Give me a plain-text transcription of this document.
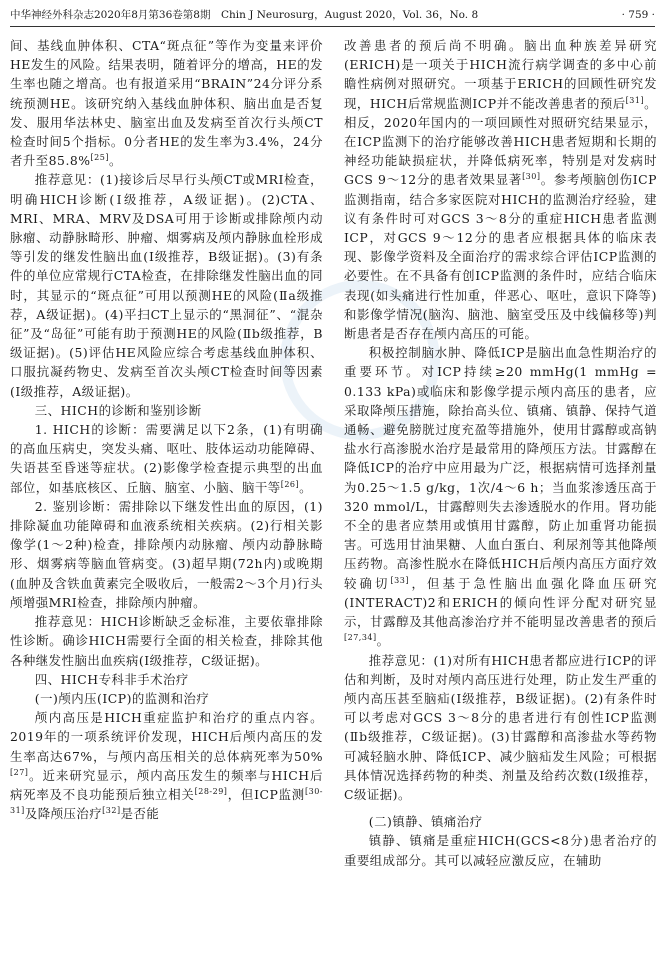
中华神经外科杂志2020年8月第36卷第8期　Chin J Neurosurg，August 2020，Vol. 36，No. 8	· 759 ·

间、基线血肿体积、CTA“斑点征”等作为变量来评价HE发生的风险。结果表明，随着评分的增高，HE的发生率也随之增高。也有报道采用“BRAIN”24分评分系统预测HE。该研究纳入基线血肿体积、脑出血是否复发、服用华法林史、脑室出血及发病至首次行头颅CT检查时间5个指标。0分者HE的发生率为3.4%，24分者升至85.8%[25]。

推荐意见：(1)接诊后尽早行头颅CT或MRI检查，明确HICH诊断(Ⅰ级推荐，A级证据)。(2)CTA、MRI、MRA、MRV及DSA可用于诊断或排除颅内动脉瘤、动静脉畸形、肿瘤、烟雾病及颅内静脉血栓形成等引发的继发性脑出血(Ⅰ级推荐，B级证据)。(3)有条件的单位应常规行CTA检查，在排除继发性脑出血的同时，其显示的“斑点征”可用以预测HE的风险(Ⅱa级推荐，A级证据)。(4)平扫CT上显示的“黑洞征”、“混杂征”及“岛征”可能有助于预测HE的风险(Ⅱb级推荐，B级证据)。(5)评估HE风险应综合考虑基线血肿体积、口服抗凝药物史、发病至首次头颅CT检查时间等因素(Ⅰ级推荐，A级证据)。

三、HICH的诊断和鉴别诊断

1. HICH的诊断：需要满足以下2条，(1)有明确的高血压病史，突发头痛、呕吐、肢体运动功能障碍、失语甚至昏迷等症状。(2)影像学检查提示典型的出血部位，如基底核区、丘脑、脑室、小脑、脑干等[26]。

2. 鉴别诊断：需排除以下继发性出血的原因，(1)排除凝血功能障碍和血液系统相关疾病。(2)行相关影像学(1～2种)检查，排除颅内动脉瘤、颅内动静脉畸形、烟雾病等脑血管病变。(3)超早期(72h内)或晚期(血肿及含铁血黄素完全吸收后，一般需2～3个月)行头颅增强MRI检查，排除颅内肿瘤。

推荐意见：HICH诊断缺乏金标准，主要依靠排除性诊断。确诊HICH需要行全面的相关检查，排除其他各种继发性脑出血疾病(Ⅰ级推荐，C级证据)。

四、HICH专科非手术治疗

(一)颅内压(ICP)的监测和治疗

颅内高压是HICH重症监护和治疗的重点内容。2019年的一项系统评价发现，HICH后颅内高压的发生率高达67%，与颅内高压相关的总体病死率为50%[27]。近来研究显示，颅内高压发生的频率与HICH后病死率及不良功能预后独立相关[28-29]，但ICP监测[30-31]及降颅压治疗[32]是否能

改善患者的预后尚不明确。脑出血种族差异研究(ERICH)是一项关于HICH流行病学调查的多中心前瞻性病例对照研究。一项基于ERICH的回顾性研究发现，HICH后常规监测ICP并不能改善患者的预后[31]。相反，2020年国内的一项回顾性对照研究结果显示，在ICP监测下的治疗能够改善HICH患者短期和长期的神经功能缺损症状，并降低病死率，特别是对发病时GCS 9～12分的患者效果显著[30]。参考颅脑创伤ICP监测指南，结合多家医院对HICH的监测治疗经验，建议有条件时可对GCS 3～8分的重症HICH患者监测ICP，对GCS 9～12分的患者应根据具体的临床表现、影像学资料及全面治疗的需求综合评估ICP监测的必要性。在不具备有创ICP监测的条件时，应结合临床表现(如头痛进行性加重，伴恶心、呕吐，意识下降等)和影像学情况(脑沟、脑池、脑室受压及中线偏移等)判断患者是否存在颅内高压的可能。

积极控制脑水肿、降低ICP是脑出血急性期治疗的重要环节。对ICP持续≥20 mmHg(1 mmHg = 0.133 kPa)或临床和影像学提示颅内高压的患者，应采取降颅压措施，除抬高头位、镇痛、镇静、保持气道通畅、避免膀胱过度充盈等措施外，使用甘露醇或高钠盐水行高渗脱水治疗是最常用的降颅压方法。甘露醇在降低ICP的治疗中应用最为广泛，根据病情可选择剂量为0.25～1.5 g/kg，1次/4～6 h；当血浆渗透压高于320 mmol/L，甘露醇则失去渗透脱水的作用。肾功能不全的患者应禁用或慎用甘露醇，防止加重肾功能损害。可选用甘油果糖、人血白蛋白、利尿剂等其他降颅压药物。高渗性脱水在降低HICH后颅内高压方面疗效较确切[33]，但基于急性脑出血强化降血压研究(INTERACT)2和ERICH的倾向性评分配对研究显示，甘露醇及其他高渗治疗并不能明显改善患者的预后[27,34]。

推荐意见：(1)对所有HICH患者都应进行ICP的评估和判断，及时对颅内高压进行处理，防止发生严重的颅内高压甚至脑疝(Ⅰ级推荐，B级证据)。(2)有条件时可以考虑对GCS 3～8分的患者进行有创性ICP监测(Ⅱb级推荐，C级证据)。(3)甘露醇和高渗盐水等药物可减轻脑水肿、降低ICP、减少脑疝发生风险；可根据具体情况选择药物的种类、剂量及给药次数(Ⅰ级推荐，C级证据)。

(二)镇静、镇痛治疗

镇静、镇痛是重症HICH(GCS<8分)患者治疗的重要组成部分。其可以减轻应激反应，在辅助
